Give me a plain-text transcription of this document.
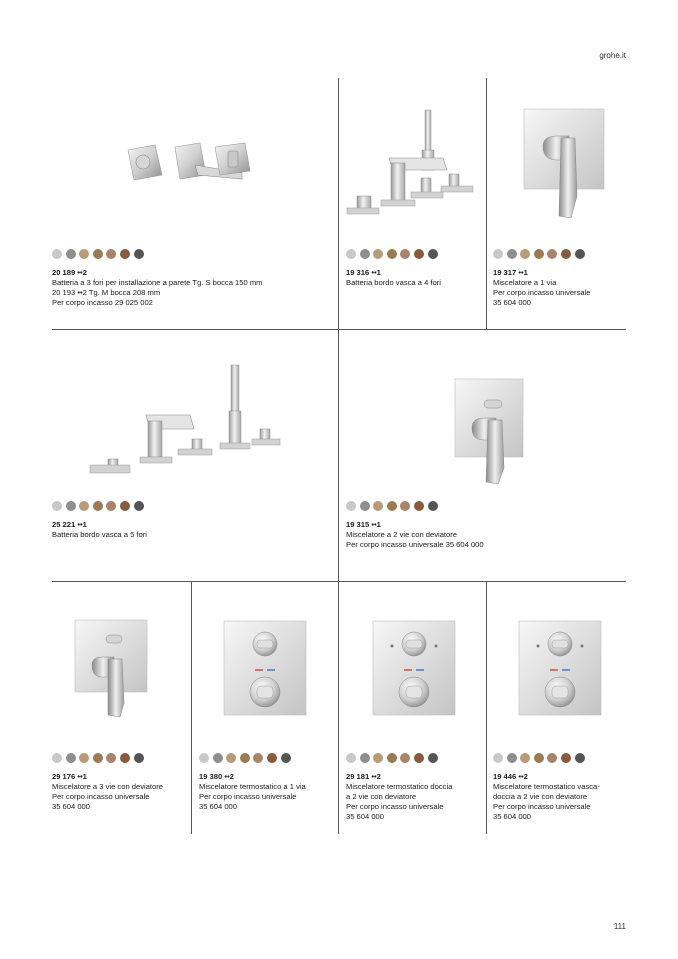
grohe.it
20 189 ••2
Batteria a 3 fori per installazione a parete Tg. S bocca 150 mm
20 193 ••2 Tg. M bocca 208 mm
Per corpo incasso 29 025 002
19 316 ••1
Batteria bordo vasca a 4 fori
19 317 ••1
Miscelatore a 1 via
Per corpo incasso universale
35 604 000
25 221 ••1
Batteria bordo vasca a 5 fori
19 315 ••1
Miscelatore a 2 vie con deviatore
Per corpo incasso universale 35 604 000
29 176 ••1
Miscelatore a 3 vie con deviatore
Per corpo incasso universale
35 604 000
19 380 ••2
Miscelatore termostatico a 1 via
Per corpo incasso universale
35 604 000
29 181 ••2
Miscelatore termostatico doccia
a 2 vie con deviatore
Per corpo incasso universale
35 604 000
19 446 ••2
Miscelatore termostatico vasca-
doccia a 2 vie con deviatore
Per corpo incasso universale
35 604 000
111
